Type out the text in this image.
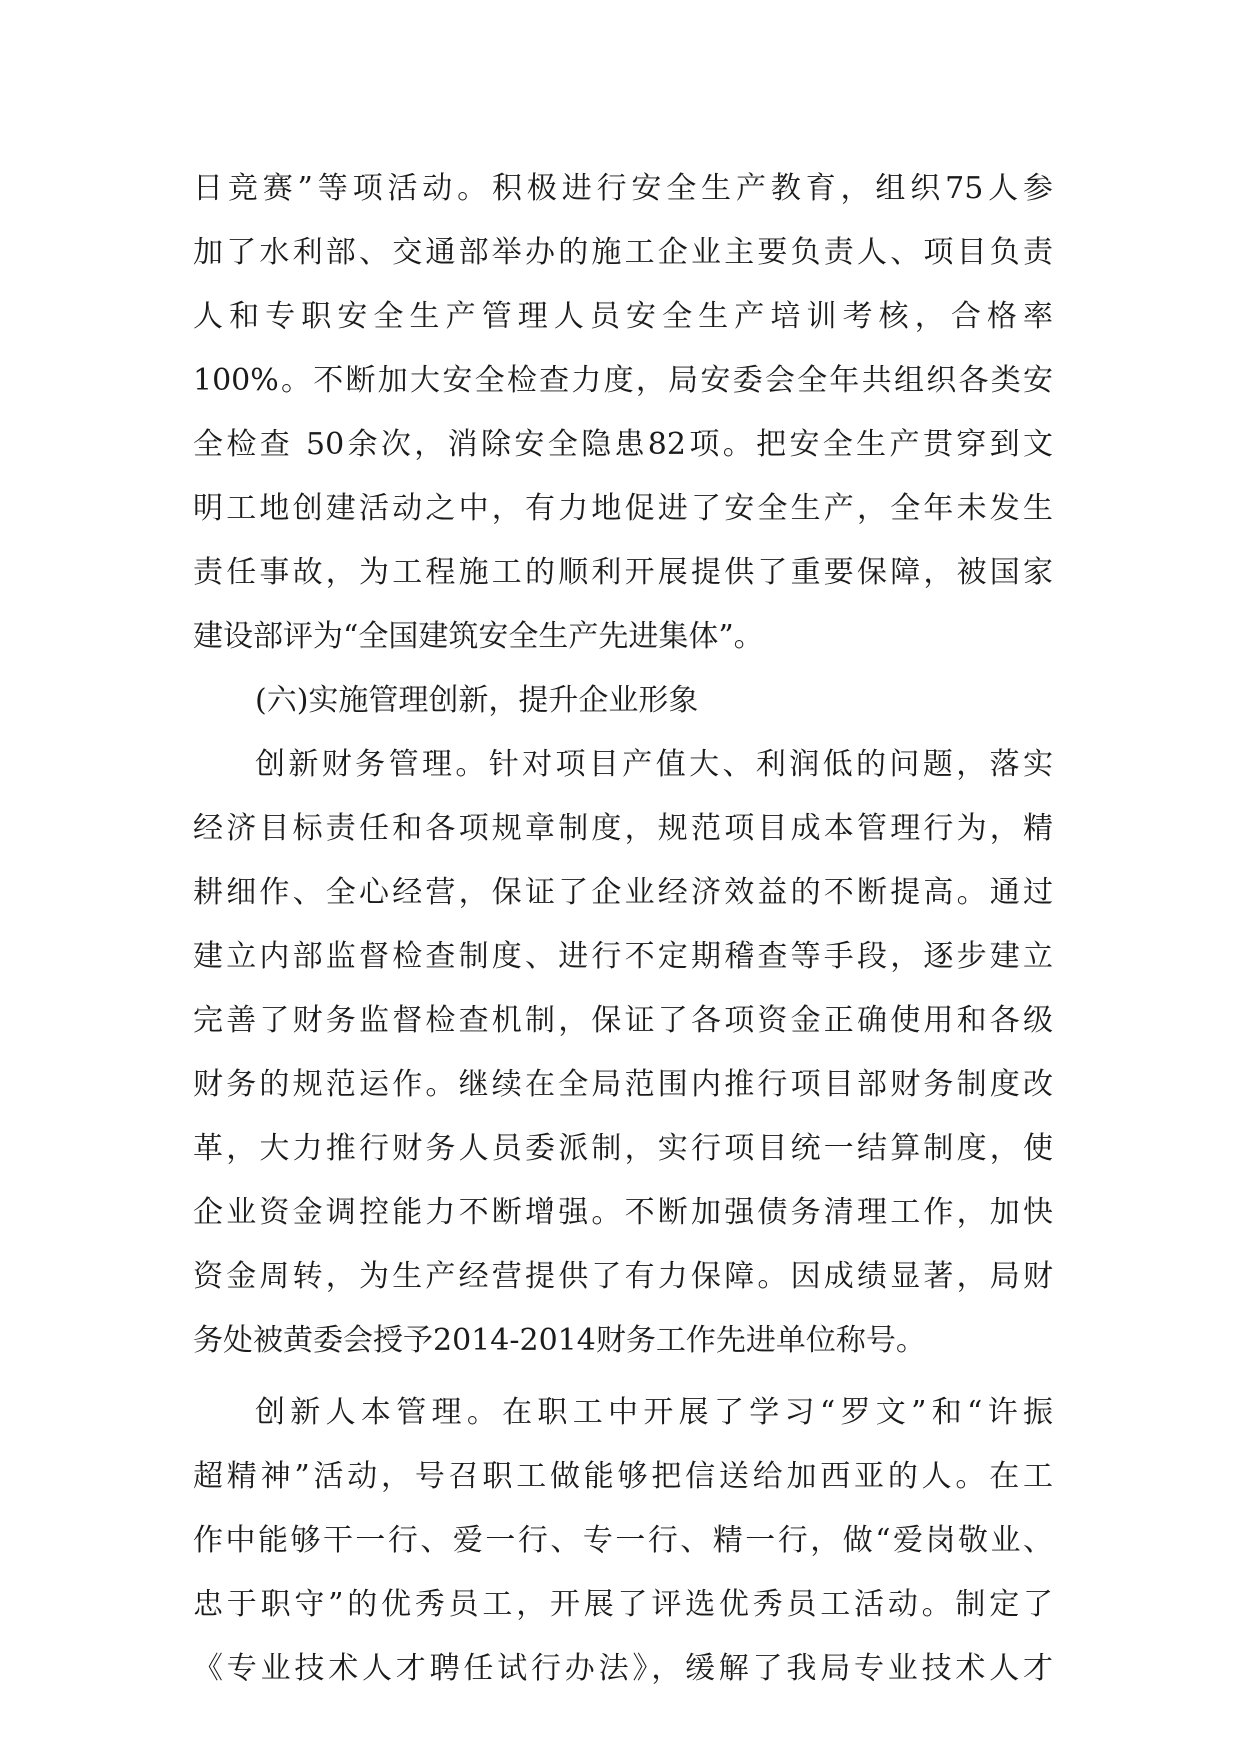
日竞赛”等项活动。积极进行安全生产教育，组织75人参
加了水利部、交通部举办的施工企业主要负责人、项目负责
人和专职安全生产管理人员安全生产培训考核，合格率
100%。不断加大安全检查力度，局安委会全年共组织各类安
全检查 50余次，消除安全隐患82项。把安全生产贯穿到文
明工地创建活动之中，有力地促进了安全生产，全年未发生
责任事故，为工程施工的顺利开展提供了重要保障，被国家
建设部评为“全国建筑安全生产先进集体”。
(六)实施管理创新，提升企业形象
创新财务管理。针对项目产值大、利润低的问题，落实
经济目标责任和各项规章制度，规范项目成本管理行为，精
耕细作、全心经营，保证了企业经济效益的不断提高。通过
建立内部监督检查制度、进行不定期稽查等手段，逐步建立
完善了财务监督检查机制，保证了各项资金正确使用和各级
财务的规范运作。继续在全局范围内推行项目部财务制度改
革，大力推行财务人员委派制，实行项目统一结算制度，使
企业资金调控能力不断增强。不断加强债务清理工作，加快
资金周转，为生产经营提供了有力保障。因成绩显著，局财
务处被黄委会授予2014-2014财务工作先进单位称号。
创新人本管理。在职工中开展了学习“罗文”和“许振
超精神”活动，号召职工做能够把信送给加西亚的人。在工
作中能够干一行、爱一行、专一行、精一行，做“爱岗敬业、
忠于职守”的优秀员工，开展了评选优秀员工活动。制定了
《专业技术人才聘任试行办法》，缓解了我局专业技术人才
